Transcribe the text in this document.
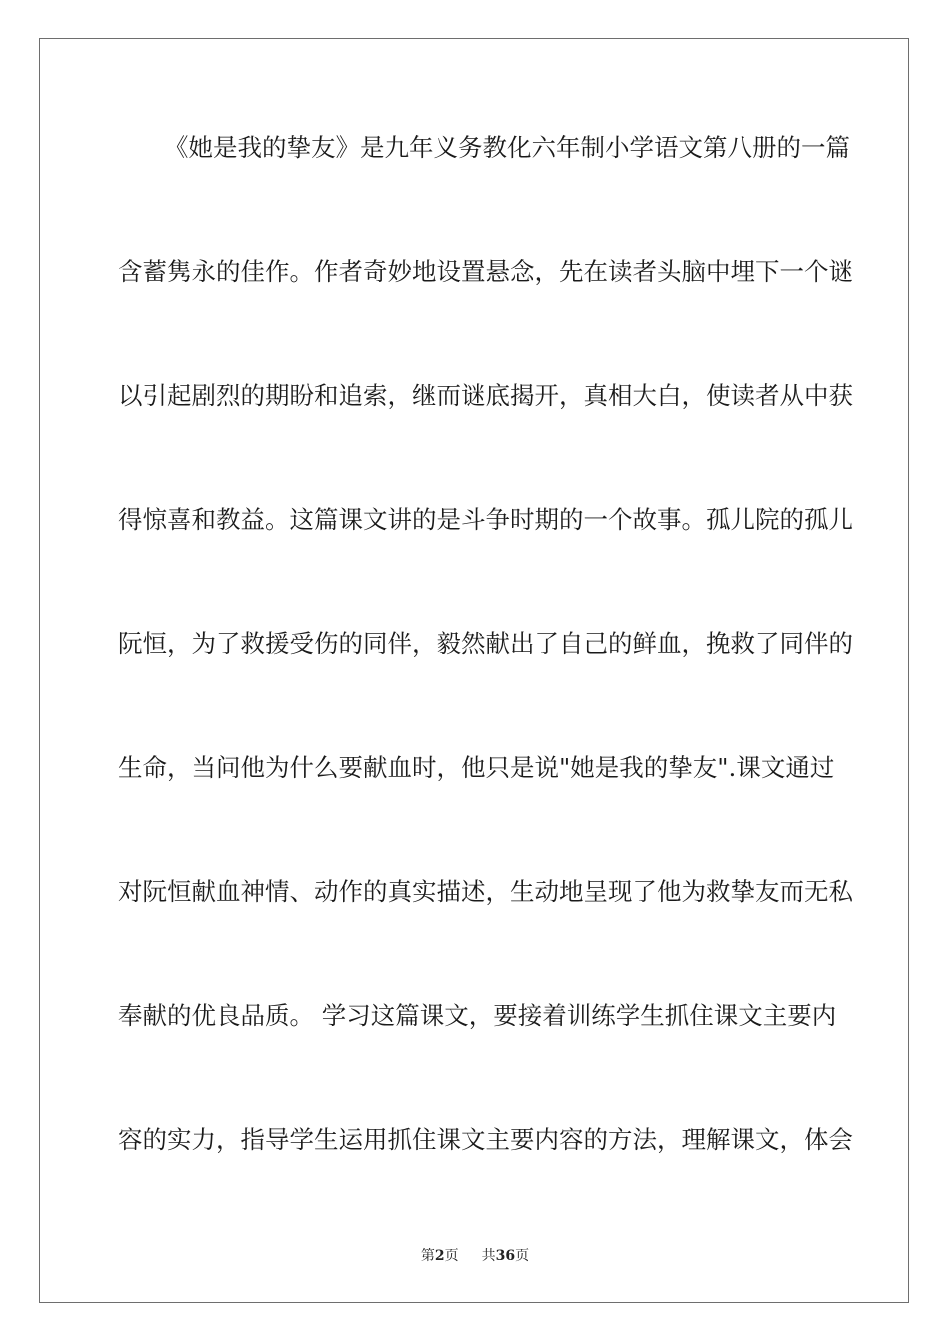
《她是我的挚友》是九年义务教化六年制小学语文第八册的一篇
含蓄隽永的佳作。作者奇妙地设置悬念，先在读者头脑中埋下一个谜
以引起剧烈的期盼和追索，继而谜底揭开，真相大白，使读者从中获
得惊喜和教益。这篇课文讲的是斗争时期的一个故事。孤儿院的孤儿
阮恒，为了救援受伤的同伴，毅然献出了自己的鲜血，挽救了同伴的
生命，当问他为什么要献血时，他只是说"她是我的挚友".课文通过
对阮恒献血神情、动作的真实描述，生动地呈现了他为救挚友而无私
奉献的优良品质。 学习这篇课文，要接着训练学生抓住课文主要内
容的实力，指导学生运用抓住课文主要内容的方法，理解课文，体会
第2页 共36页
